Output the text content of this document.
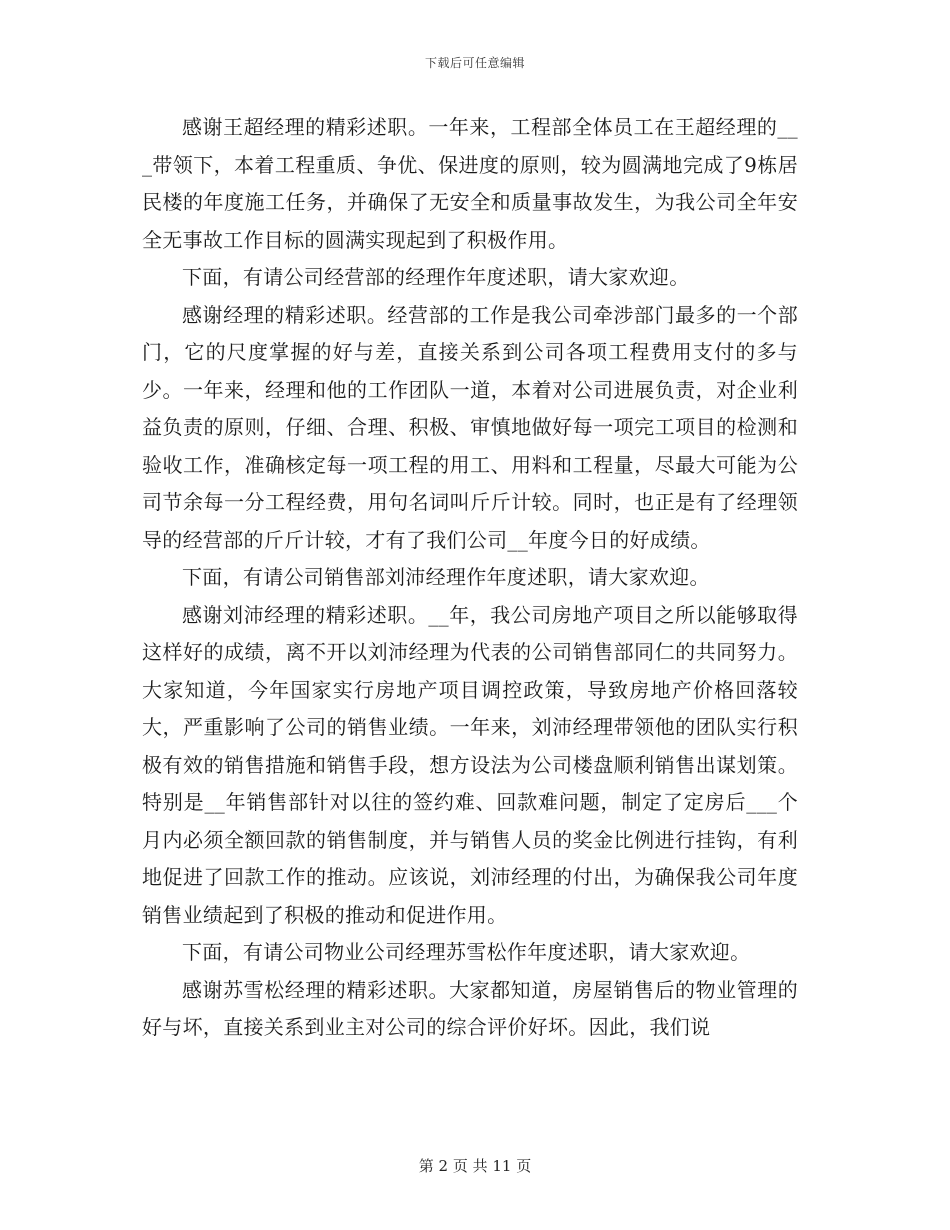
下载后可任意编辑

感谢王超经理的精彩述职。一年来，工程部全体员工在王超经理的___带领下，本着工程重质、争优、保进度的原则，较为圆满地完成了9栋居民楼的年度施工任务，并确保了无安全和质量事故发生，为我公司全年安全无事故工作目标的圆满实现起到了积极作用。

下面，有请公司经营部的经理作年度述职，请大家欢迎。

感谢经理的精彩述职。经营部的工作是我公司牵涉部门最多的一个部门，它的尺度掌握的好与差，直接关系到公司各项工程费用支付的多与少。一年来，经理和他的工作团队一道，本着对公司进展负责，对企业利益负责的原则，仔细、合理、积极、审慎地做好每一项完工项目的检测和验收工作，准确核定每一项工程的用工、用料和工程量，尽最大可能为公司节余每一分工程经费，用句名词叫斤斤计较。同时，也正是有了经理领导的经营部的斤斤计较，才有了我们公司__年度今日的好成绩。

下面，有请公司销售部刘沛经理作年度述职，请大家欢迎。

感谢刘沛经理的精彩述职。__年，我公司房地产项目之所以能够取得这样好的成绩，离不开以刘沛经理为代表的公司销售部同仁的共同努力。大家知道，今年国家实行房地产项目调控政策，导致房地产价格回落较大，严重影响了公司的销售业绩。一年来，刘沛经理带领他的团队实行积极有效的销售措施和销售手段，想方设法为公司楼盘顺利销售出谋划策。特别是__年销售部针对以往的签约难、回款难问题，制定了定房后___个月内必须全额回款的销售制度，并与销售人员的奖金比例进行挂钩，有利地促进了回款工作的推动。应该说，刘沛经理的付出，为确保我公司年度销售业绩起到了积极的推动和促进作用。

下面，有请公司物业公司经理苏雪松作年度述职，请大家欢迎。

感谢苏雪松经理的精彩述职。大家都知道，房屋销售后的物业管理的好与坏，直接关系到业主对公司的综合评价好坏。因此，我们说

第 2 页 共 11 页
